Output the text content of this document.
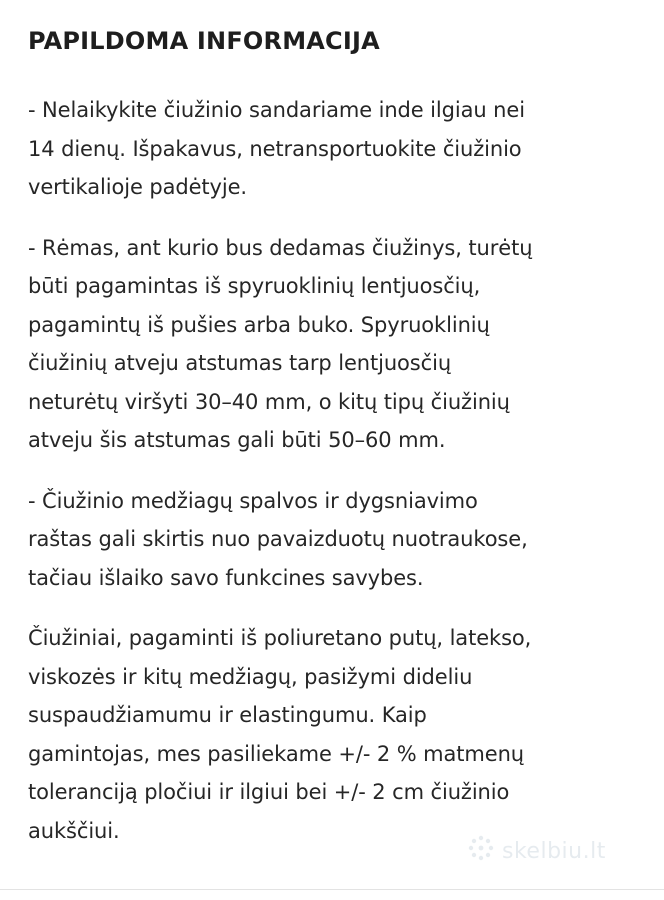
PAPILDOMA INFORMACIJA

- Nelaikykite čiužinio sandariame inde ilgiau nei
14 dienų. Išpakavus, netransportuokite čiužinio
vertikalioje padėtyje.

- Rėmas, ant kurio bus dedamas čiužinys, turėtų
būti pagamintas iš spyruoklinių lentjuosčių,
pagamintų iš pušies arba buko. Spyruoklinių
čiužinių atveju atstumas tarp lentjuosčių
neturėtų viršyti 30–40 mm, o kitų tipų čiužinių
atveju šis atstumas gali būti 50–60 mm.

- Čiužinio medžiagų spalvos ir dygsniavimo
raštas gali skirtis nuo pavaizduotų nuotraukose,
tačiau išlaiko savo funkcines savybes.

Čiužiniai, pagaminti iš poliuretano putų, latekso,
viskozės ir kitų medžiagų, pasižymi dideliu
suspaudžiamumu ir elastingumu. Kaip
gamintojas, mes pasiliekame +/- 2 % matmenų
toleranciją pločiui ir ilgiui bei +/- 2 cm čiužinio
aukščiui.

skelbiu.lt
